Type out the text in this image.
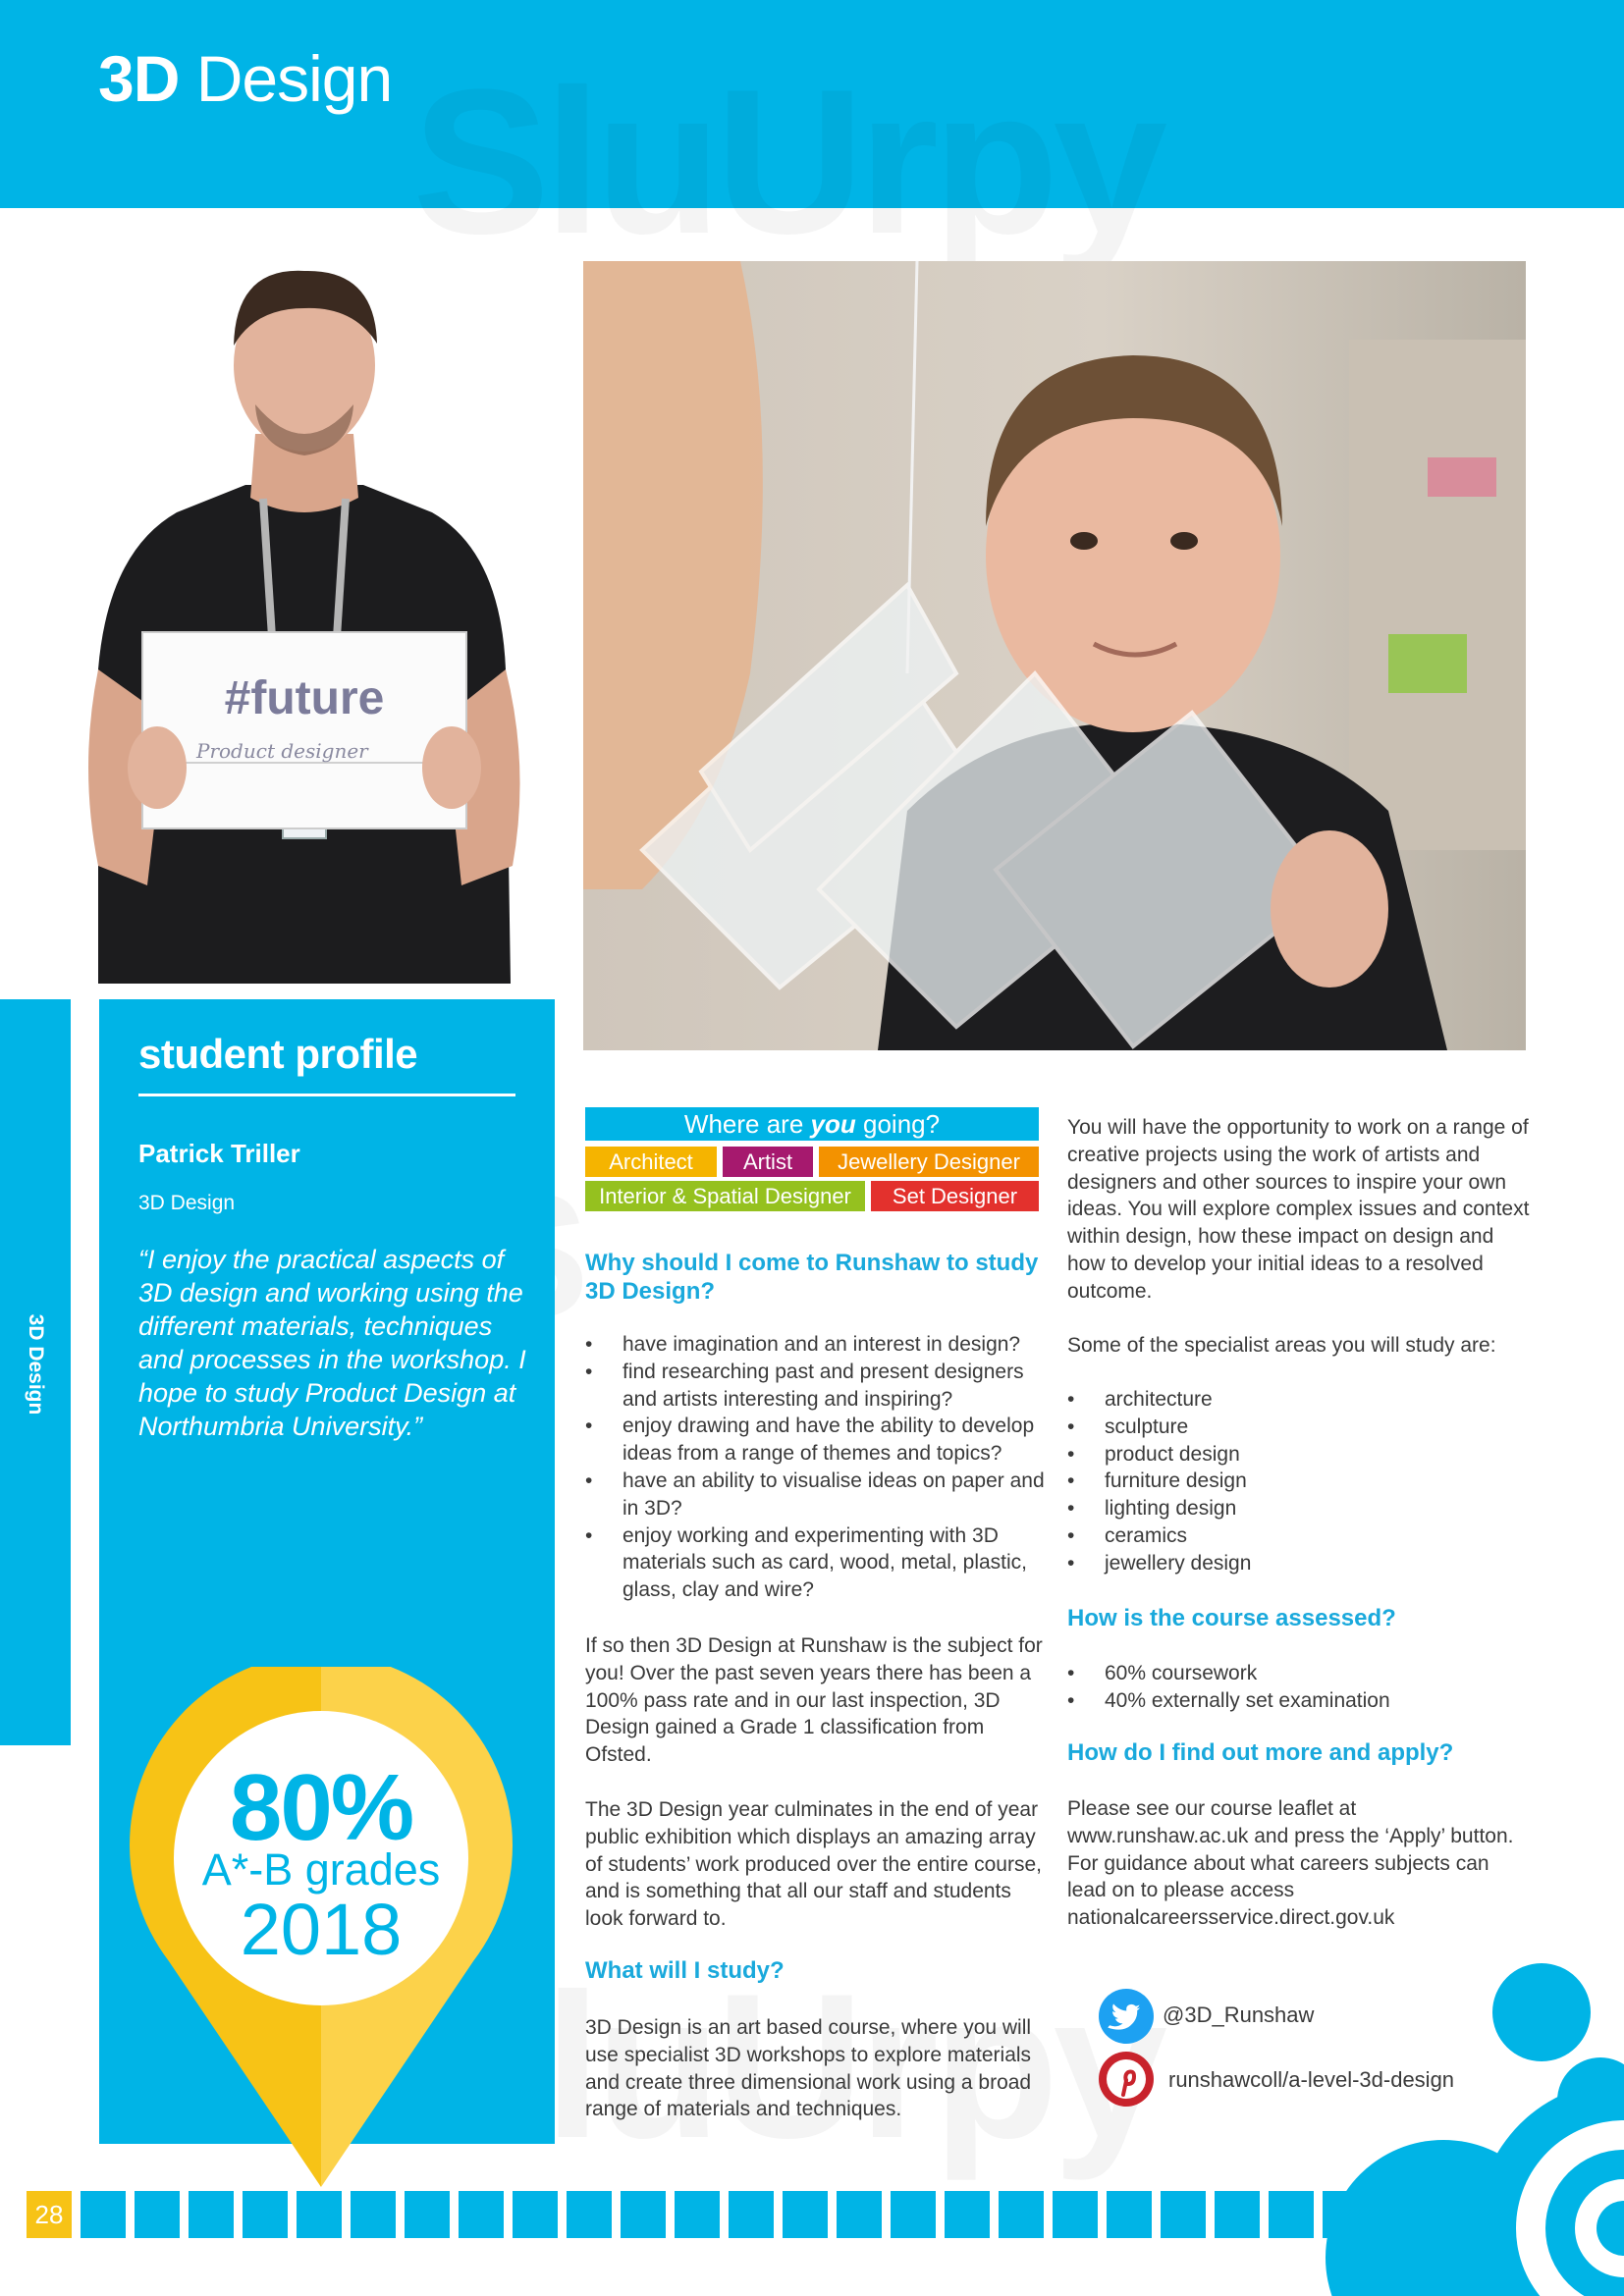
3D Design
#future
Product designer
3D Design
student profile
Patrick Triller
3D Design
“I enjoy the practical aspects of 3D design and working using the different materials, techniques and processes in the workshop. I hope to study Product Design at Northumbria University.”
80%
A*-B grades
2018
Where are you going?
Architect	Artist	Jewellery Designer
Interior & Spatial Designer	Set Designer
Why should I come to Runshaw to study 3D Design?
• have imagination and an interest in design?
• find researching past and present designers and artists interesting and inspiring?
• enjoy drawing and have the ability to develop ideas from a range of themes and topics?
• have an ability to visualise ideas on paper and in 3D?
• enjoy working and experimenting with 3D materials such as card, wood, metal, plastic, glass, clay and wire?
If so then 3D Design at Runshaw is the subject for you! Over the past seven years there has been a 100% pass rate and in our last inspection, 3D Design gained a Grade 1 classification from Ofsted.
The 3D Design year culminates in the end of year public exhibition which displays an amazing array of students’ work produced over the entire course, and is something that all our staff and students look forward to.
What will I study?
3D Design is an art based course, where you will use specialist 3D workshops to explore materials and create three dimensional work using a broad range of materials and techniques.
You will have the opportunity to work on a range of creative projects using the work of artists and designers and other sources to inspire your own ideas. You will explore complex issues and context within design, how these impact on design and how to develop your initial ideas to a resolved outcome.
Some of the specialist areas you will study are:
• architecture
• sculpture
• product design
• furniture design
• lighting design
• ceramics
• jewellery design
How is the course assessed?
• 60% coursework
• 40% externally set examination
How do I find out more and apply?
Please see our course leaflet at www.runshaw.ac.uk and press the ‘Apply’ button. For guidance about what careers subjects can lead on to please access nationalcareersservice.direct.gov.uk
@3D_Runshaw
runshawcoll/a-level-3d-design
28
